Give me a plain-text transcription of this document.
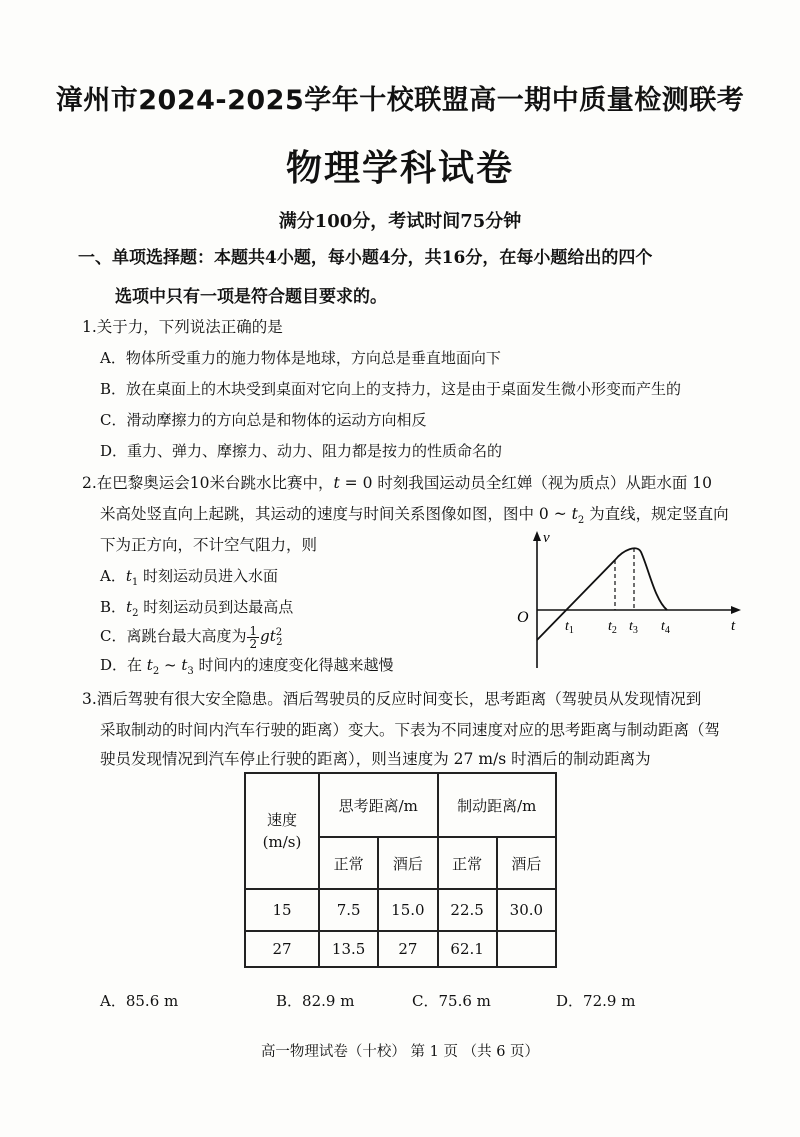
漳州市2024-2025学年十校联盟高一期中质量检测联考
物理学科试卷
满分100分，考试时间75分钟
一、单项选择题：本题共4小题，每小题4分，共16分，在每小题给出的四个
选项中只有一项是符合题目要求的。
1.关于力，下列说法正确的是
A．物体所受重力的施力物体是地球，方向总是垂直地面向下
B．放在桌面上的木块受到桌面对它向上的支持力，这是由于桌面发生微小形变而产生的
C．滑动摩擦力的方向总是和物体的运动方向相反
D．重力、弹力、摩擦力、动力、阻力都是按力的性质命名的
2.在巴黎奥运会10米台跳水比赛中，t = 0 时刻我国运动员全红婵（视为质点）从距水面 10
米高处竖直向上起跳，其运动的速度与时间关系图像如图，图中 0 ~ $t_2$ 为直线，规定竖直向
下为正方向，不计空气阻力，则
A．$t_1$ 时刻运动员进入水面
B．$t_2$ 时刻运动员到达最高点
C．离跳台最大高度为 $\frac{1}{2} gt^2_2$
D．在 $t_2$ ~ $t_3$ 时间内的速度变化得越来越慢
v
t
O
$t_1$ $t_2$ $t_3$ $t_4$
3.酒后驾驶有很大安全隐患。酒后驾驶员的反应时间变长，思考距离（驾驶员从发现情况到
采取制动的时间内汽车行驶的距离）变大。下表为不同速度对应的思考距离与制动距离（驾
驶员发现情况到汽车停止行驶的距离），则当速度为 27 m/s 时酒后的制动距离为
速度
(m/s)	思考距离/m		制动距离/m	
	正常	酒后	正常	酒后
15	7.5	15.0	22.5	30.0
27	13.5	27	62.1	
A．85.6 m	B．82.9 m	C．75.6 m	D．72.9 m
高一物理试卷（十校） 第 1 页 （共 6 页）
